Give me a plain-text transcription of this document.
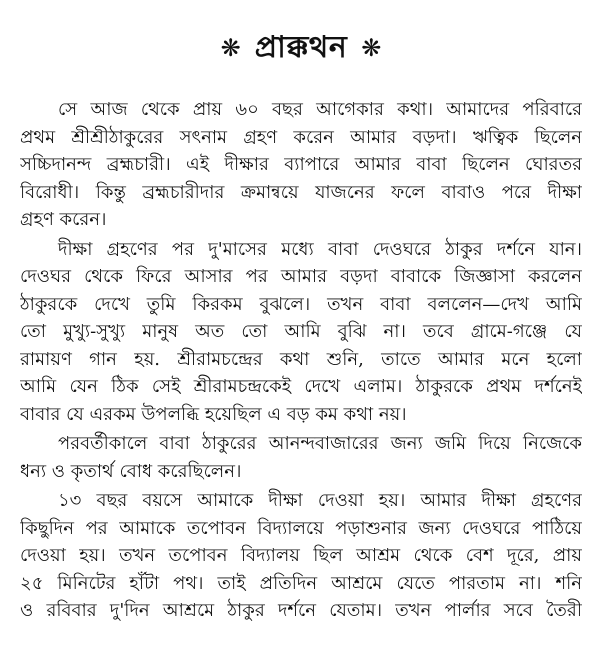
❋ প্রাক্কথন ❋
সে আজ থেকে প্রায় ৬০ বছর আগেকার কথা। আমাদের পরিবারে
প্রথম শ্রীশ্রীঠাকুরের সৎনাম গ্রহণ করেন আমার বড়দা। ঋত্বিক ছিলেন
সচ্চিদানন্দ ব্রহ্মচারী। এই দীক্ষার ব্যাপারে আমার বাবা ছিলেন ঘোরতর
বিরোধী। কিন্তু ব্রহ্মচারীদার ক্রমান্বয়ে যাজনের ফলে বাবাও পরে দীক্ষা
গ্রহণ করেন।
দীক্ষা গ্রহণের পর দু'মাসের মধ্যে বাবা দেওঘরে ঠাকুর দর্শনে যান।
দেওঘর থেকে ফিরে আসার পর আমার বড়দা বাবাকে জিজ্ঞাসা করলেন
ঠাকুরকে দেখে তুমি কিরকম বুঝলে। তখন বাবা বললেন—দেখ আমি
তো মুখ্যু-সুখ্যু মানুষ অত তো আমি বুঝি না। তবে গ্রামে-গঞ্জে যে
রামায়ণ গান হয়. শ্রীরামচন্দ্রের কথা শুনি, তাতে আমার মনে হলো
আমি যেন ঠিক সেই শ্রীরামচন্দ্রকেই দেখে এলাম। ঠাকুরকে প্রথম দর্শনেই
বাবার যে এরকম উপলব্ধি হয়েছিল এ বড় কম কথা নয়।
পরবর্তীকালে বাবা ঠাকুরের আনন্দবাজারের জন্য জমি দিয়ে নিজেকে
ধন্য ও কৃতার্থ বোধ করেছিলেন।
১৩ বছর বয়সে আমাকে দীক্ষা দেওয়া হয়। আমার দীক্ষা গ্রহণের
কিছুদিন পর আমাকে তপোবন বিদ্যালয়ে পড়াশুনার জন্য দেওঘরে পাঠিয়ে
দেওয়া হয়। তখন তপোবন বিদ্যালয় ছিল আশ্রম থেকে বেশ দূরে, প্রায়
২৫ মিনিটের হাঁটা পথ। তাই প্রতিদিন আশ্রমে যেতে পারতাম না। শনি
ও রবিবার দু'দিন আশ্রমে ঠাকুর দর্শনে যেতাম। তখন পার্লার সবে তৈরী
